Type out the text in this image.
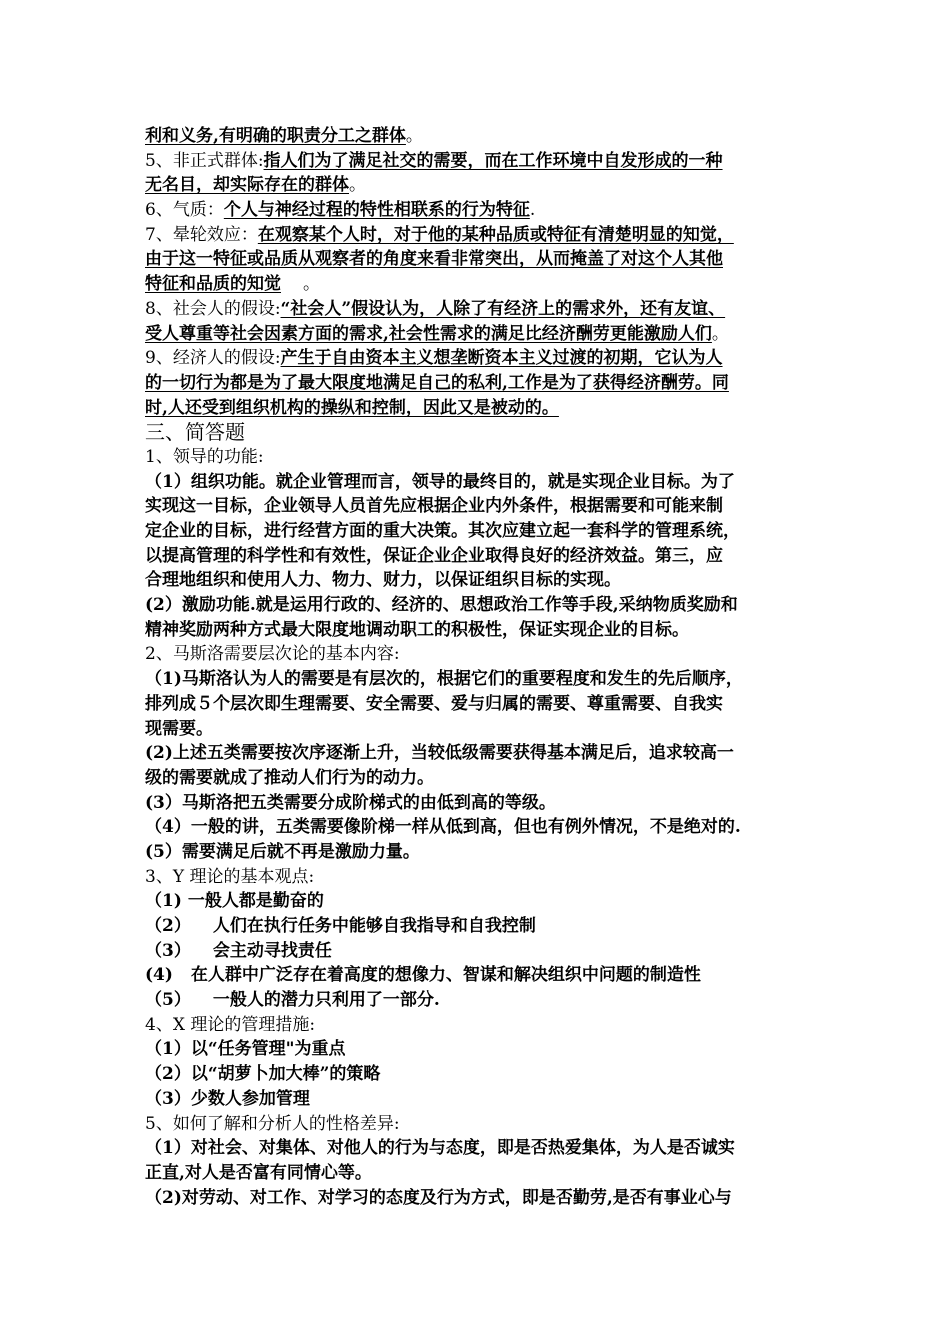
利和义务,有明确的职责分工之群体。
5、非正式群体:指人们为了满足社交的需要，而在工作环境中自发形成的一种
无名目，却实际存在的群体。
6、气质：个人与神经过程的特性相联系的行为特征.
7、晕轮效应：在观察某个人时，对于他的某种品质或特征有清楚明显的知觉，
由于这一特征或品质从观察者的角度来看非常突出，从而掩盖了对这个人其他
特征和品质的知觉 。
8、社会人的假设:“社会人”假设认为，人除了有经济上的需求外，还有友谊、
受人尊重等社会因素方面的需求,社会性需求的满足比经济酬劳更能激励人们。
9、经济人的假设:产生于自由资本主义想垄断资本主义过渡的初期，它认为人
的一切行为都是为了最大限度地满足自己的私利,工作是为了获得经济酬劳。同
时,人还受到组织机构的操纵和控制，因此又是被动的。
三、简答题
1、领导的功能:
（1）组织功能。就企业管理而言，领导的最终目的，就是实现企业目标。为了
实现这一目标，企业领导人员首先应根据企业内外条件，根据需要和可能来制
定企业的目标，进行经营方面的重大决策。其次应建立起一套科学的管理系统，
以提高管理的科学性和有效性，保证企业企业取得良好的经济效益。第三，应
合理地组织和使用人力、物力、财力，以保证组织目标的实现。
(2）激励功能.就是运用行政的、经济的、思想政治工作等手段,采纳物质奖励和
精神奖励两种方式最大限度地调动职工的积极性，保证实现企业的目标。
2、马斯洛需要层次论的基本内容:
（1)马斯洛认为人的需要是有层次的，根据它们的重要程度和发生的先后顺序，
排列成５个层次即生理需要、安全需要、爱与归属的需要、尊重需要、自我实
现需要。
(2)上述五类需要按次序逐渐上升，当较低级需要获得基本满足后，追求较高一
级的需要就成了推动人们行为的动力。
(3）马斯洛把五类需要分成阶梯式的由低到高的等级。
（4）一般的讲，五类需要像阶梯一样从低到高，但也有例外情况，不是绝对的.
(5）需要满足后就不再是激励力量。
3、Y 理论的基本观点:
（1) 一般人都是勤奋的
（2） 人们在执行任务中能够自我指导和自我控制
（3） 会主动寻找责任
(4) 在人群中广泛存在着高度的想像力、智谋和解决组织中问题的制造性
（5） 一般人的潜力只利用了一部分.
4、X 理论的管理措施:
（1）以“任务管理"为重点
（2）以“胡萝卜加大棒”的策略
（3）少数人参加管理
5、如何了解和分析人的性格差异:
（1）对社会、对集体、对他人的行为与态度，即是否热爱集体，为人是否诚实
正直,对人是否富有同情心等。
（2)对劳动、对工作、对学习的态度及行为方式，即是否勤劳,是否有事业心与
